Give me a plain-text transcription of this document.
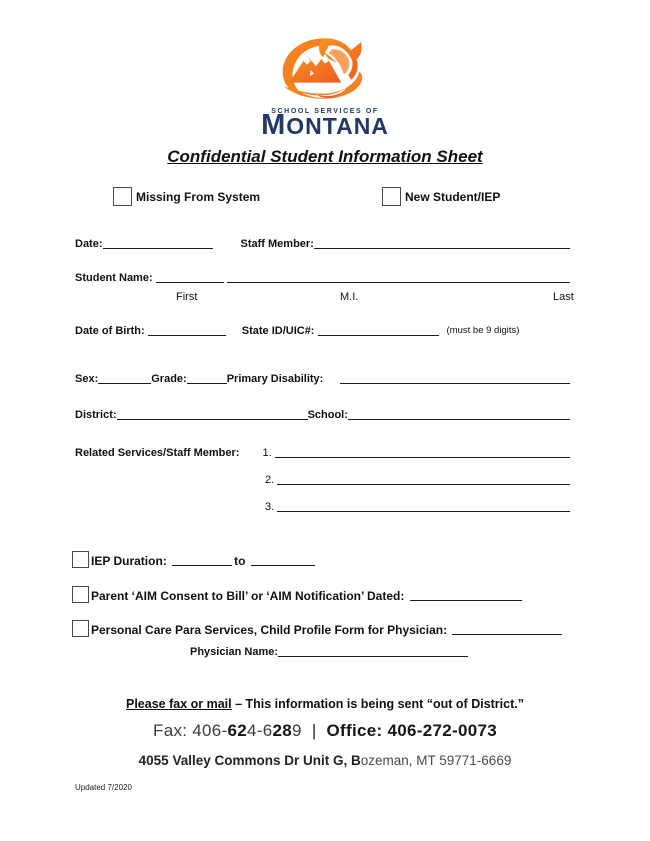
SCHOOL SERVICES OF
MONTANA
Confidential Student Information Sheet
Missing From System	New Student/IEP
Date:	Staff Member:
Student Name:
First	M.I.	Last
Date of Birth:	State ID/UIC#:	(must be 9 digits)
Sex:	Grade:	Primary Disability:
District:	School:
Related Services/Staff Member: 1.
2.
3.
IEP Duration:	to
Parent ‘AIM Consent to Bill’ or ‘AIM Notification’ Dated:
Personal Care Para Services, Child Profile Form for Physician:
Physician Name:
Please fax or mail – This information is being sent “out of District.”
Fax: 406-624-6289 | Office: 406-272-0073
4055 Valley Commons Dr Unit G, Bozeman, MT 59771-6669
Updated 7/2020
